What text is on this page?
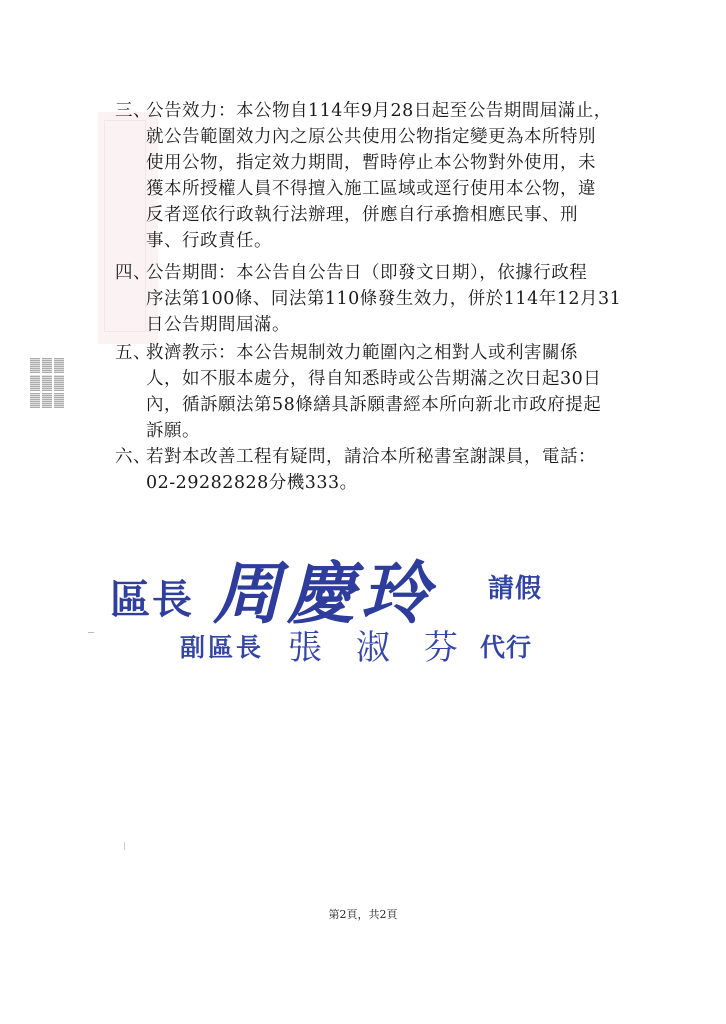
三、公告效力：本公物自114年9月28日起至公告期間屆滿止，
就公告範圍效力內之原公共使用公物指定變更為本所特別
使用公物，指定效力期間，暫時停止本公物對外使用，未
獲本所授權人員不得擅入施工區域或逕行使用本公物，違
反者逕依行政執行法辦理，併應自行承擔相應民事、刑
事、行政責任。
四、公告期間：本公告自公告日（即發文日期），依據行政程
序法第100條、同法第110條發生效力，併於114年12月31
日公告期間屆滿。
五、救濟教示：本公告規制效力範圍內之相對人或利害關係
人，如不服本處分，得自知悉時或公告期滿之次日起30日
內，循訴願法第58條繕具訴願書經本所向新北市政府提起
訴願。
六、若對本改善工程有疑問，請洽本所秘書室謝課員，電話：
02-29282828分機333。
區長 周慶玲 請假
副區長 張淑芬
代行
第2頁，共2頁
